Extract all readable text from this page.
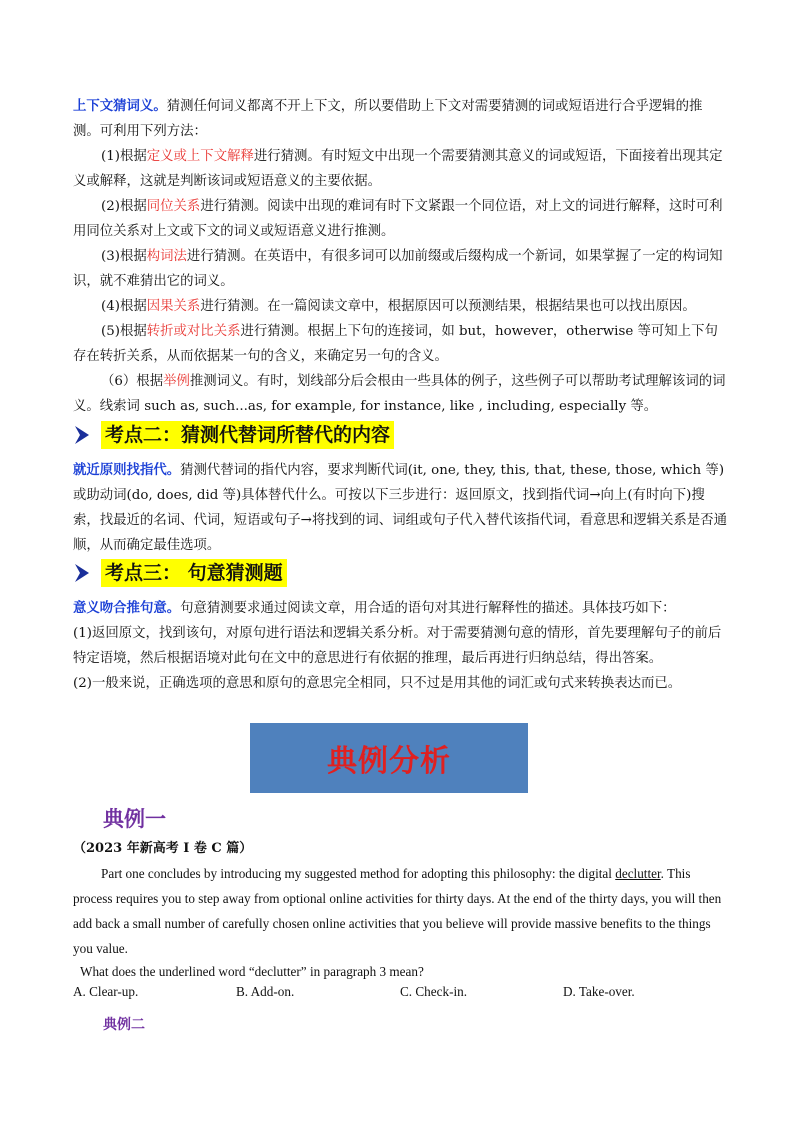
上下文猜词义。猜测任何词义都离不开上下文，所以要借助上下文对需要猜测的词或短语进行合乎逻辑的推测。可利用下列方法：

(1)根据定义或上下文解释进行猜测。有时短文中出现一个需要猜测其意义的词或短语，下面接着出现其定义或解释，这就是判断该词或短语意义的主要依据。

(2)根据同位关系进行猜测。阅读中出现的难词有时下文紧跟一个同位语，对上文的词进行解释，这时可利用同位关系对上文或下文的词义或短语意义进行推测。

(3)根据构词法进行猜测。在英语中，有很多词可以加前缀或后缀构成一个新词，如果掌握了一定的构词知识，就不难猜出它的词义。

(4)根据因果关系进行猜测。在一篇阅读文章中，根据原因可以预测结果，根据结果也可以找出原因。

(5)根据转折或对比关系进行猜测。根据上下句的连接词，如 but，however，otherwise 等可知上下句存在转折关系，从而依据某一句的含义，来确定另一句的含义。

（6）根据举例推测词义。有时，划线部分后会根由一些具体的例子，这些例子可以帮助考试理解该词的词义。线索词 such as, such...as, for example, for instance, like , including, especially 等。

考点二：猜测代替词所替代的内容

就近原则找指代。猜测代替词的指代内容，要求判断代词(it, one, they, this, that, these, those, which 等)或助动词(do, does, did 等)具体替代什么。可按以下三步进行：返回原文，找到指代词→向上(有时向下)搜索，找最近的名词、代词，短语或句子→将找到的词、词组或句子代入替代该指代词，看意思和逻辑关系是否通顺，从而确定最佳选项。

考点三： 句意猜测题

意义吻合推句意。句意猜测要求通过阅读文章，用合适的语句对其进行解释性的描述。具体技巧如下：

(1)返回原文，找到该句，对原句进行语法和逻辑关系分析。对于需要猜测句意的情形，首先要理解句子的前后特定语境，然后根据语境对此句在文中的意思进行有依据的推理，最后再进行归纳总结，得出答案。

(2)一般来说，正确选项的意思和原句的意思完全相同，只不过是用其他的词汇或句式来转换表达而已。

典例分析
典例一
（2023 年新高考 I 卷 C 篇）

Part one concludes by introducing my suggested method for adopting this philosophy: the digital declutter. This process requires you to step away from optional online activities for thirty days. At the end of the thirty days, you will then add back a small number of carefully chosen online activities that you believe will provide massive benefits to the things you value.

What does the underlined word “declutter” in paragraph 3 mean?

A. Clear-up.	B. Add-on.	C. Check-in.	D. Take-over.
典例二
